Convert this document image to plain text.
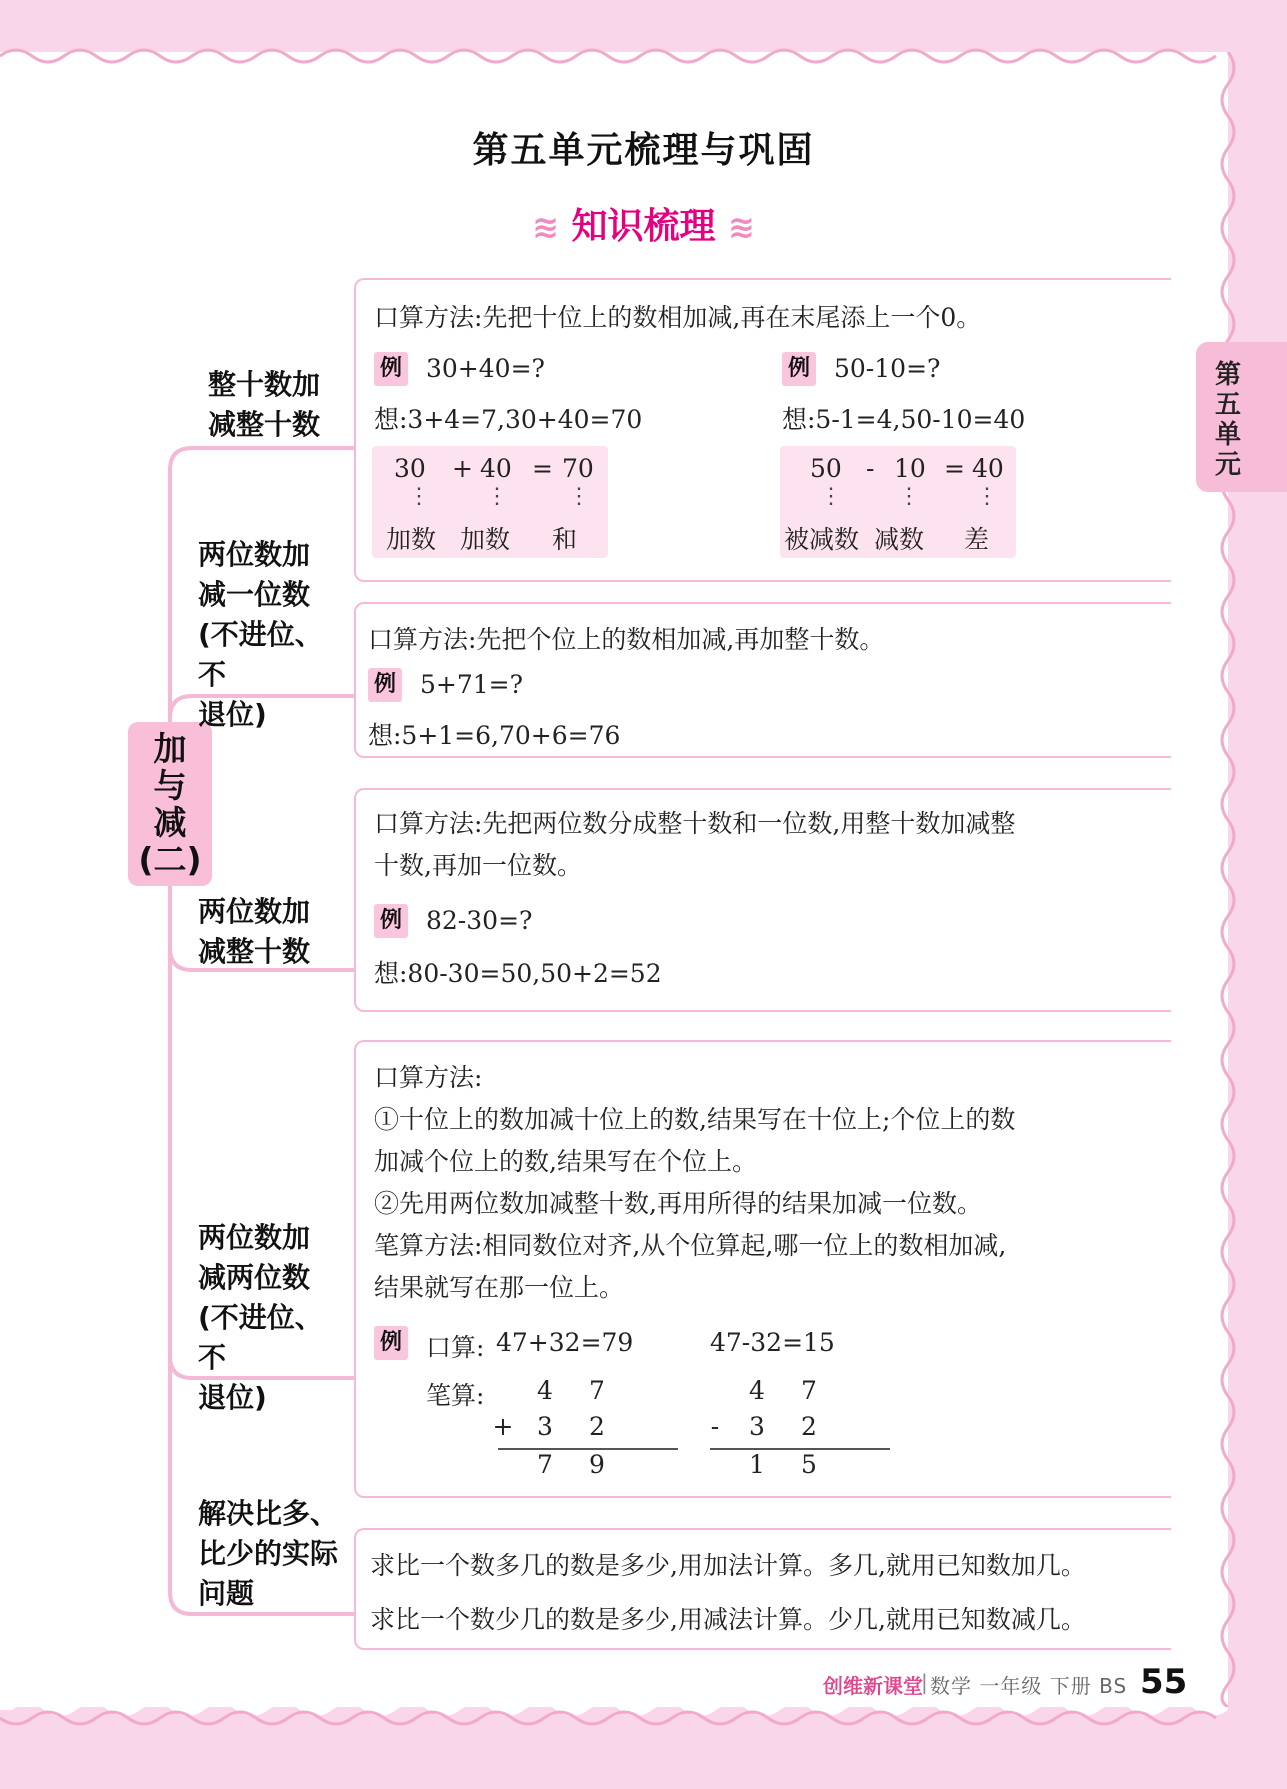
第五单元梳理与巩固
≋ 知识梳理 ≋
第五单元
加
与
减
(二)
整十数加
减整十数
两位数加
减一位数
(不进位、不
退位)
两位数加
减整十数
两位数加
减两位数
(不进位、不
退位)
解决比多、
比少的实际
问题
口算方法:先把十位上的数相加减,再在末尾添上一个0。
例 30+40=?	例 50-10=?
想:3+4=7,30+40=70	想:5-1=4,50-10=40
30 + 40 = 70
⋮	⋮	⋮
加数 加数 和
50 - 10 = 40
⋮	⋮	⋮
被减数 减数 差
口算方法:先把个位上的数相加减,再加整十数。
例 5+71=?
想:5+1=6,70+6=76
口算方法:先把两位数分成整十数和一位数,用整十数加减整
十数,再加一位数。
例 82-30=?
想:80-30=50,50+2=52
口算方法:
①十位上的数加减十位上的数,结果写在十位上;个位上的数
加减个位上的数,结果写在个位上。
②先用两位数加减整十数,再用所得的结果加减一位数。
笔算方法:相同数位对齐,从个位算起,哪一位上的数相加减,
结果就写在那一位上。
例 口算: 47+32=79	47-32=15
笔算: 4 7
+ 3 2
7 9
4 7
-	3 2
1 5
求比一个数多几的数是多少,用加法计算。多几,就用已知数加几。
求比一个数少几的数是多少,用减法计算。少几,就用已知数减几。
创维新课堂
| 数学 一年级 下册 BS 55
